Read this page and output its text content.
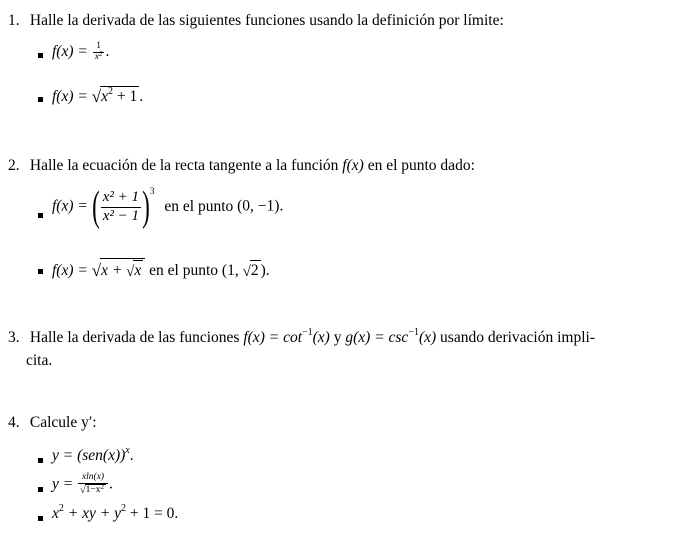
1. Halle la derivada de las siguientes funciones usando la definición por límite:
$f(x) = \frac{1}{x^2}$ .
$f(x) = √x^2 + 1$ .
2. Halle la ecuación de la recta tangente a la función f(x) en el punto dado:
f(x) = ( $\frac{\text{x² + 1}}{\text{x² − 1}} )^3$ en el punto (0, −1).
f(x) = √x + √x en el punto (1, √2 ).
3. Halle la derivada de las funciones $f(x) = \cot^{-1}(x)$ y $g(x) = \csc^{-1}(x)$ usando derivación impli-
cita.
4. Calcule y′:
$y = (sen(x))^x$.
$y = \frac{xln(x)}{√1-x^2}$ .
$x^2$ + xy + $y^2 + 1 = 0$.
